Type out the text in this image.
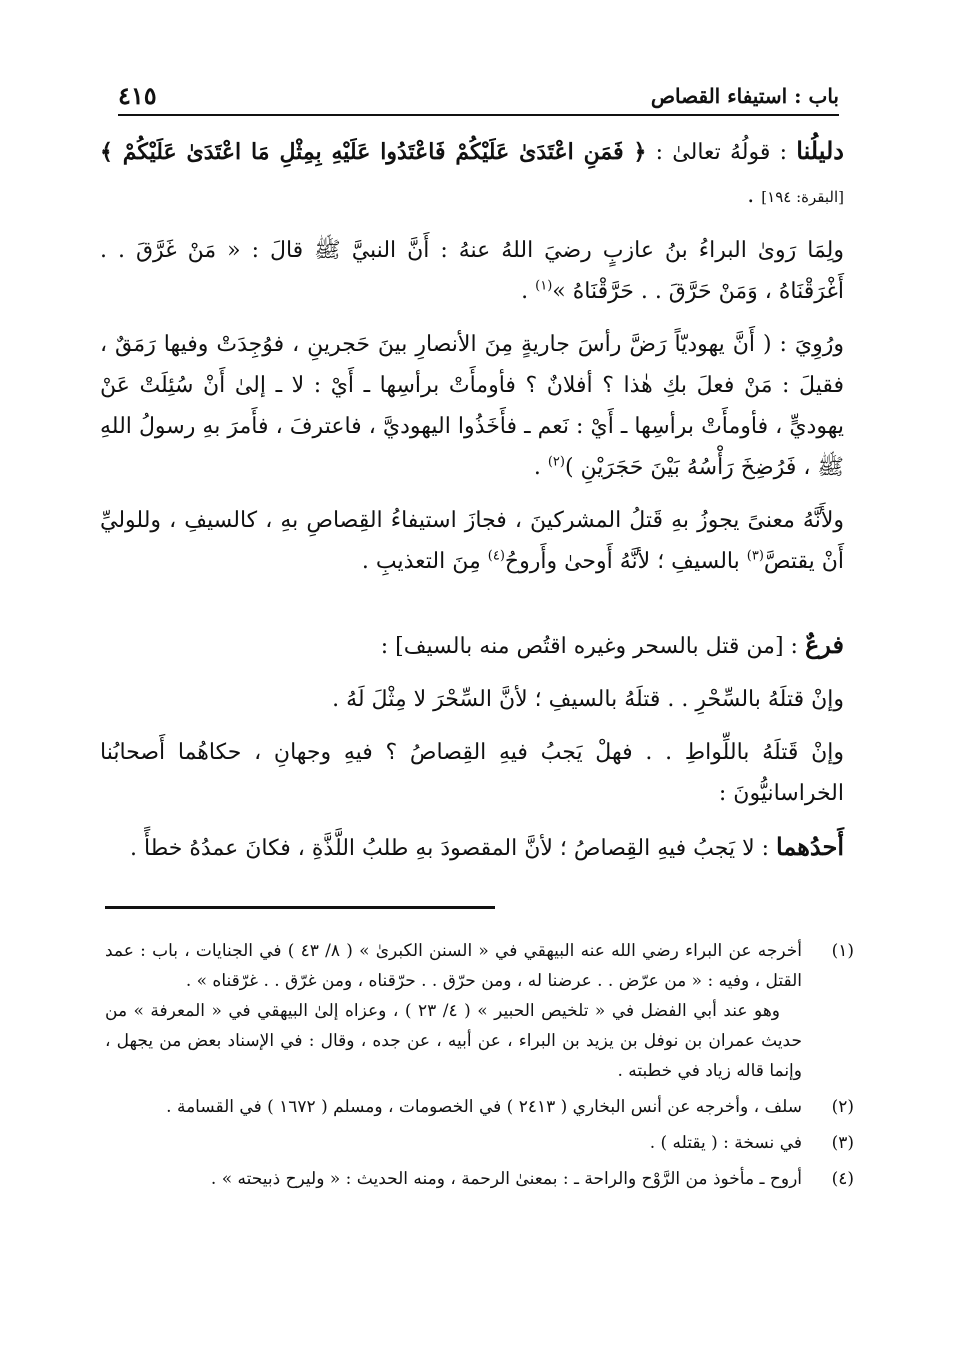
باب : استيفاء القصاص
٤١٥

دليلُنا : قولُهُ تعالىٰ : ﴿ فَمَنِ اعْتَدَىٰ عَلَيْكُمْ فَاعْتَدُوا عَلَيْهِ بِمِثْلِ مَا اعْتَدَىٰ عَلَيْكُمْ ﴾ [البقرة: ١٩٤] .

ولِمَا رَوىٰ البراءُ بنُ عازبٍ رضيَ اللهُ عنهُ : أَنَّ النبيَّ ﷺ قالَ : « مَنْ غَرَّقَ . . أَغْرَقْنَاهُ ، وَمَنْ حَرَّقَ . . حَرَّقْنَاهُ »$^{(١)}$ .

ورُوِيَ : ( أَنَّ يهوديّاً رَضَّ رأسَ جاريةٍ مِنَ الأنصارِ بينَ حَجرينِ ، فوُجِدَتْ وفيها رَمَقٌ ، فقيلَ : مَنْ فعلَ بكِ هٰذا ؟ أفلانٌ ؟ فأومأَتْ برأسِها ـ أَيْ : لا ـ إلىٰ أَنْ سُئِلَتْ عَنْ يهوديٍّ ، فأومأَتْ برأسِها ـ أَيْ : نَعم ـ فأَخَذُوا اليهوديَّ ، فاعترفَ ، فأَمرَ بهِ رسولُ اللهِ ﷺ ، فَرُضِخَ رَأْسُهُ بَيْنَ حَجَرَيْنِ )$^{(٢)}$ .

ولأَنَّهُ معنىً يجوزُ بهِ قَتلُ المشركينَ ، فجازَ استيفاءُ القِصاصِ بهِ ، كالسيفِ ، وللوليِّ أَنْ يقتصَّ$^{(٣)}$ بالسيفِ ؛ لأنَّهُ أَوحىٰ وأَروحُ$^{(٤)}$ مِنَ التعذيبِ .

فرعٌ : [من قتل بالسحر وغيره اقتُص منه بالسيف] :

وإنْ قتلَهُ بالسِّحْرِ . . قتلَهُ بالسيفِ ؛ لأنَّ السِّحْرَ لا مِثْلَ لَهُ .

وإنْ قَتلَهُ باللِّواطِ . . فهلْ يَجبُ فيهِ القِصاصُ ؟ فيهِ وجهانِ ، حكاهُما أَصحابُنا الخراسانيُّونَ :

أَحدُهما : لا يَجبُ فيهِ القِصاصُ ؛ لأنَّ المقصودَ بهِ طلبُ اللَّذَّةِ ، فكانَ عمدُهُ خطأً .

(١)

أخرجه عن البراء رضي الله عنه البيهقي في « السنن الكبرىٰ » ( ٨/ ٤٣ ) في الجنايات ، باب : عمد القتل ، وفيه : « من عرّض . . عرضنا له ، ومن حرّق . . حرّقناه ، ومن غرّق . . غرّقناه » .

وهو عند أبي الفضل في « تلخيص الحبير » ( ٤/ ٢٣ ) ، وعزاه إلىٰ البيهقي في « المعرفة » من حديث عمران بن نوفل بن يزيد بن البراء ، عن أبيه ، عن جده ، وقال : في الإسناد بعض من يجهل ، وإنما قاله زياد في خطبته .

(٢)

سلف ، وأخرجه عن أنس البخاري ( ٢٤١٣ ) في الخصومات ، ومسلم ( ١٦٧٢ ) في القسامة .

(٣)

في نسخة : ( يقتله ) .

(٤)

أروح ـ مأخوذ من الرَّوْح والراحة ـ : بمعنىٰ الرحمة ، ومنه الحديث : « وليرح ذبيحته » .
